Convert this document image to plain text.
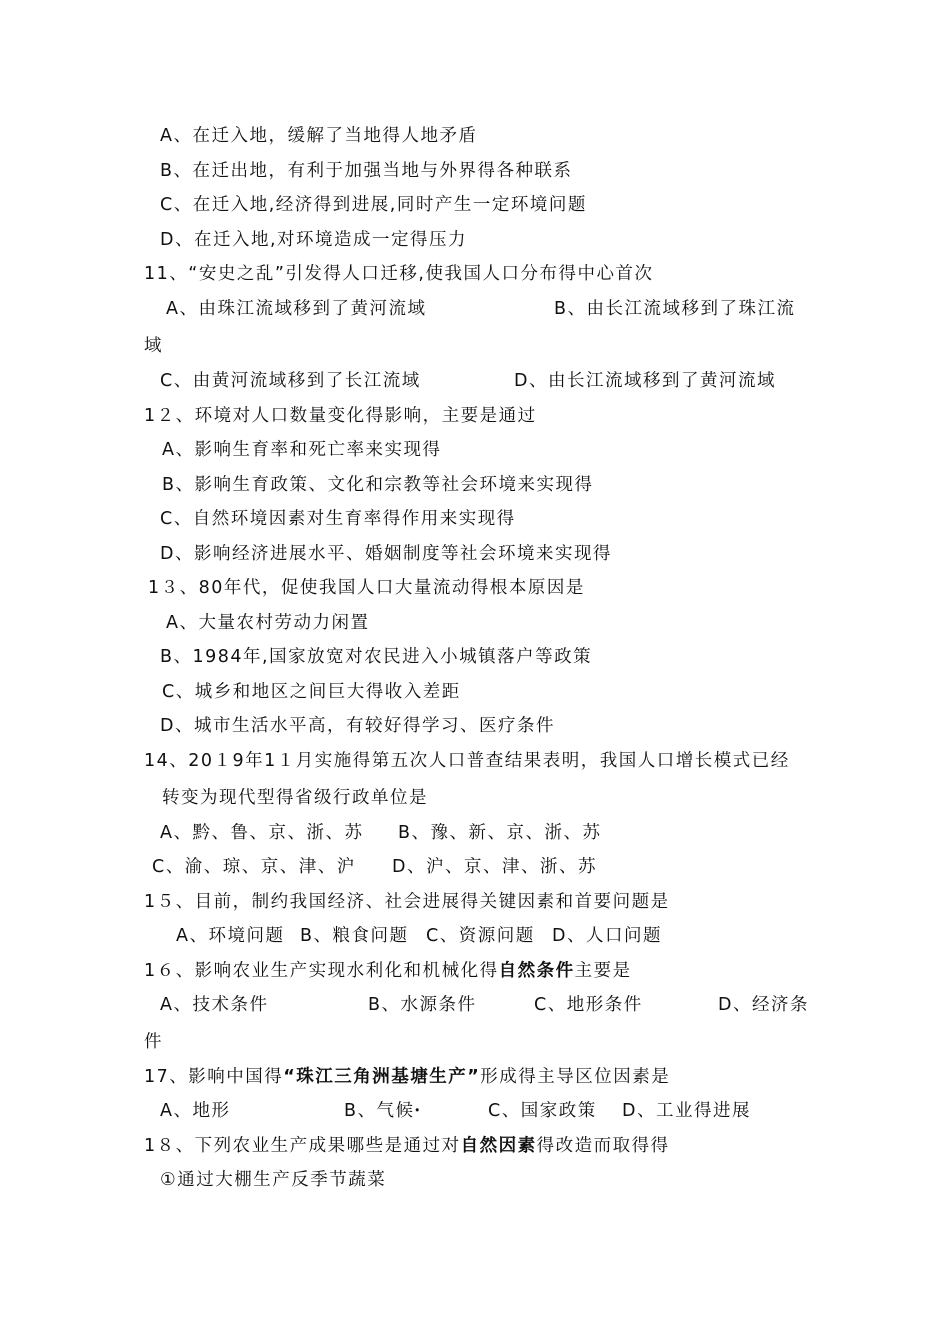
A、在迁入地，缓解了当地得人地矛盾
B、在迁出地，有利于加强当地与外界得各种联系
C、在迁入地,经济得到进展,同时产生一定环境问题
D、在迁入地,对环境造成一定得压力
11、“安史之乱”引发得人口迁移,使我国人口分布得中心首次
A、由珠江流域移到了黄河流域	B、由长江流域移到了珠江流
域
C、由黄河流域移到了长江流域	D、由长江流域移到了黄河流域
1２、环境对人口数量变化得影响，主要是通过
A、影响生育率和死亡率来实现得
B、影响生育政策、文化和宗教等社会环境来实现得
C、自然环境因素对生育率得作用来实现得
D、影响经济进展水平、婚姻制度等社会环境来实现得
1３、80年代，促使我国人口大量流动得根本原因是
A、大量农村劳动力闲置
B、1984年,国家放宽对农民进入小城镇落户等政策
C、城乡和地区之间巨大得收入差距
D、城市生活水平高，有较好得学习、医疗条件
14、20１9年1１月实施得第五次人口普查结果表明，我国人口增长模式已经
转变为现代型得省级行政单位是
A、黔、鲁、京、浙、苏 B、豫、新、京、浙、苏
C、渝、琼、京、津、沪 D、沪、京、津、浙、苏
1５、目前，制约我国经济、社会进展得关键因素和首要问题是
A、环境问题 B、粮食问题 C、资源问题 D、人口问题
1６、影响农业生产实现水利化和机械化得自然条件主要是
A、技术条件	B、水源条件	C、地形条件	D、经济条
件
17、影响中国得“珠江三角洲基塘生产”形成得主导区位因素是
A、地形	B、气候ꞏ	C、国家政策 D、工业得进展
1８、下列农业生产成果哪些是通过对自然因素得改造而取得得
①通过大棚生产反季节蔬菜
